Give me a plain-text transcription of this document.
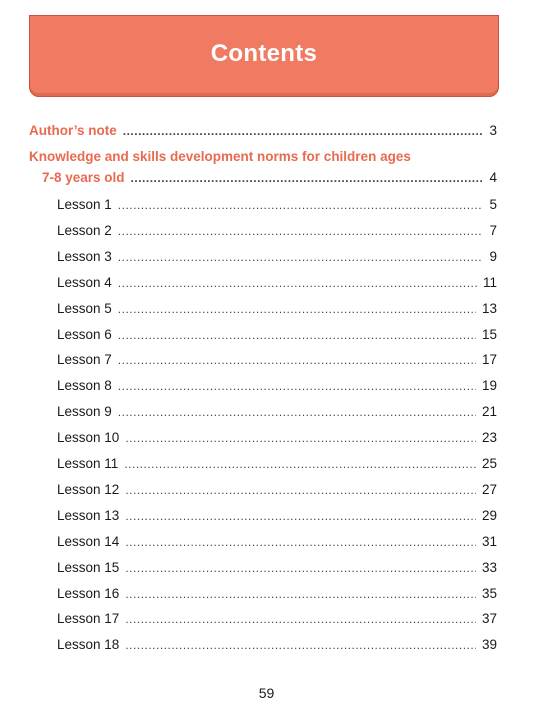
Contents
Author’s note .....	3
Knowledge and skills development norms for children ages
7-8 years old .....	4
Lesson 1 .....	5
Lesson 2 .....	7
Lesson 3 .....	9
Lesson 4 .....	11
Lesson 5 .....	13
Lesson 6 .....	15
Lesson 7 .....	17
Lesson 8 .....	19
Lesson 9 .....	21
Lesson 10 .....	23
Lesson 11 .....	25
Lesson 12 .....	27
Lesson 13 .....	29
Lesson 14 .....	31
Lesson 15 .....	33
Lesson 16 .....	35
Lesson 17 .....	37
Lesson 18 .....	39
59
